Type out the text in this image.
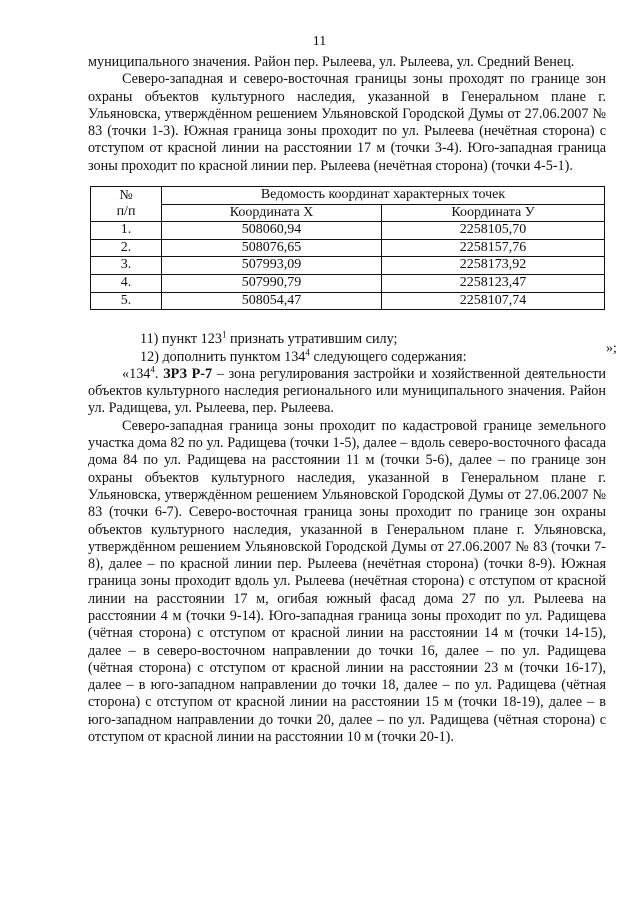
11

муниципального значения. Район пер. Рылеева, ул. Рылеева, ул. Средний Венец.

Северо-западная и северо-восточная границы зоны проходят по границе зон охраны объектов культурного наследия, указанной в Генеральном плане г. Ульяновска, утверждённом решением Ульяновской Городской Думы от 27.06.2007 № 83 (точки 1-3). Южная граница зоны проходит по ул. Рылеева (нечётная сторона) с отступом от красной линии на расстоянии 17 м (точки 3-4). Юго-западная граница зоны проходит по красной линии пер. Рылеева (нечётная сторона) (точки 4-5-1).

№
п/п	Ведомость координат характерных точек	
	Координата X	Координата У
1.	508060,94	2258105,70
2.	508076,65	2258157,76
3.	507993,09	2258173,92
4.	507990,79	2258123,47
5.	508054,47	2258107,74

11) пункт $123^1$ признать утратившим силу;

12) дополнить пунктом $134^4$ следующего содержания:

«$134^4$. ЗРЗ Р-7 – зона регулирования застройки и хозяйственной деятельности объектов культурного наследия регионального или муниципального значения. Район ул. Радищева, ул. Рылеева, пер. Рылеева.

Северо-западная граница зоны проходит по кадастровой границе земельного участка дома 82 по ул. Радищева (точки 1-5), далее – вдоль северо-восточного фасада дома 84 по ул. Радищева на расстоянии 11 м (точки 5-6), далее – по границе зон охраны объектов культурного наследия, указанной в Генеральном плане г. Ульяновска, утверждённом решением Ульяновской Городской Думы от 27.06.2007 № 83 (точки 6-7). Северо-восточная граница зоны проходит по границе зон охраны объектов культурного наследия, указанной в Генеральном плане г. Ульяновска, утверждённом решением Ульяновской Городской Думы от 27.06.2007 № 83 (точки 7-8), далее – по красной линии пер. Рылеева (нечётная сторона) (точки 8-9). Южная граница зоны проходит вдоль ул. Рылеева (нечётная сторона) с отступом от красной линии на расстоянии 17 м, огибая южный фасад дома 27 по ул. Рылеева на расстоянии 4 м (точки 9-14). Юго-западная граница зоны проходит по ул. Радищева (чётная сторона) с отступом от красной линии на расстоянии 14 м (точки 14-15), далее – в северо-восточном направлении до точки 16, далее – по ул. Радищева (чётная сторона) с отступом от красной линии на расстоянии 23 м (точки 16-17), далее – в юго-западном направлении до точки 18, далее – по ул. Радищева (чётная сторона) с отступом от красной линии на расстоянии 15 м (точки 18-19), далее – в юго-западном направлении до точки 20, далее – по ул. Радищева (чётная сторона) с отступом от красной линии на расстоянии 10 м (точки 20-1).

»;
